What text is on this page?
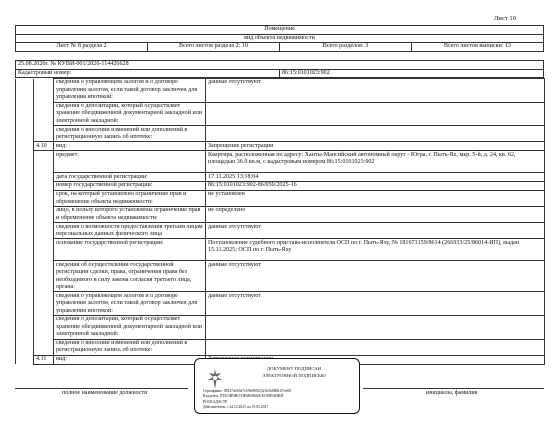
Лист 10
Помещение
вид объекта недвижимости
Лист № 8 раздела 2	Всего листов раздела 2: 10	Всего разделов: 3	Всего листов выписки: 13
25.08.2026г. № КУВИ-001/2026-114426628
Кадастровый номер:	86:15:0101023:902
		сведения о управляющем залогом и о договоре управления залогом, если такой договор заключен для управления ипотекой:	данные отсутствуют
		сведения о депозитарии, который осуществляет хранение обездвиженной документарной закладной или электронной закладной:	
		сведения о внесении изменений или дополнений в регистрационную запись об ипотеке:	
	4.10	вид:	Запрещение регистрации
		предмет:	Квартира, расположенная по адресу: Ханты-Мансийский автономный округ - Югра, г. Пыть-Ях, мкр. 5-й, д. 24, кв. 62, площадью 36.9 кв.м, с кадастровым номером 86:15:0101023:902
		дата государственной регистрации:	17.11.2025 13:18:04
		номер государственной регистрации:	86:15:0101023:902-86/050/2025-16
		срок, на который установлено ограничение прав и обременение объекта недвижимости:	не установлен
		лицо, в пользу которого установлены ограничение прав и обременение объекта недвижимости:	не определено
		сведения о возможности предоставления третьим лицам персональных данных физического лица	данные отсутствуют
		основание государственной регистрации:	Постановление судебного пристава-исполнителя ОСП по г. Пыть-Яху, № 181673159/8614 (266933/25/86014-ИП), выдан 15.11.2025; ОСП по г. Пыть-Яху
		сведения об осуществлении государственной регистрации сделки, права, ограничения права без необходимого в силу закона согласия третьего лица, органа:	данные отсутствуют
		сведения о управляющем залогом и о договоре управления залогом, если такой договор заключен для управления ипотекой:	данные отсутствуют
		сведения о депозитарии, который осуществляет хранение обездвиженной документарной закладной или электронной закладной:	
		сведения о внесении изменений или дополнений в регистрационную запись об ипотеке:	
	4.11	вид:	
полное наименование должности	инициалы, фамилия
ДОКУМЕНТ ПОДПИСАН
ЭЛЕКТРОННОЙ ПОДПИСЬЮ
Сертификат: 03947d416d7e5f9e880f1521b5b880b1f7e665
Владелец: ПУБЛИЧНО-ПРАВОВАЯ КОМПАНИЯ
РОСКАДАСТР
Действителен: с 24.12.2025 по 19.03.2027
